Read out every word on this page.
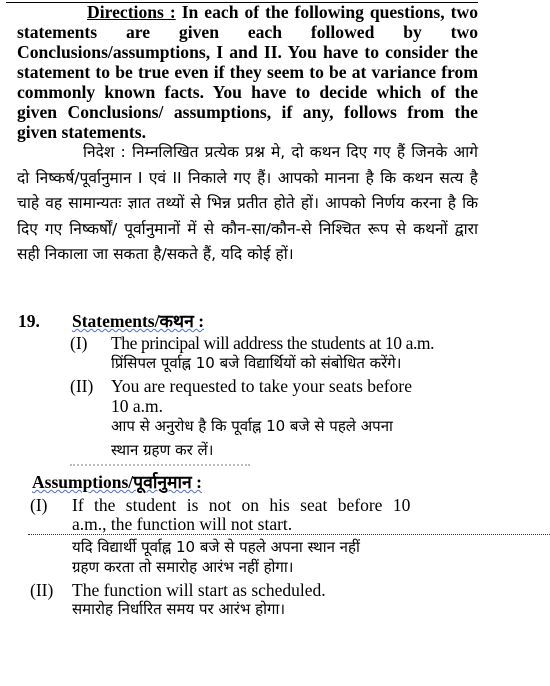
Directions : In each of the following questions, two statements are given each followed by two Conclusions/assumptions, I and II. You have to consider the statement to be true even if they seem to be at variance from commonly known facts. You have to decide which of the given Conclusions/ assumptions, if any, follows from the given statements.

निदेश : निम्नलिखित प्रत्येक प्रश्न मे, दो कथन दिए गए हैं जिनके आगे दो निष्कर्ष/पूर्वानुमान I एवं II निकाले गए हैं। आपको मानना है कि कथन सत्य है चाहे वह सामान्यतः ज्ञात तथ्यों से भिन्न प्रतीत होते हों। आपको निर्णय करना है कि दिए गए निष्कर्षों/ पूर्वानुमानों में से कौन-सा/कौन-से निश्चित रूप से कथनों द्वारा सही निकाला जा सकता है/सकते हैं, यदि कोई हों।

19. Statements/कथन :
(I) The principal will address the students at 10 a.m.
प्रिंसिपल पूर्वाह्न 10 बजे विद्यार्थियों को संबोधित करेंगे।
(II) You are requested to take your seats before
10 a.m.
आप से अनुरोध है कि पूर्वाह्न 10 बजे से पहले अपना
स्थान ग्रहण कर लें।
Assumptions/पूर्वानुमान :
(I) If the student is not on his seat before 10
a.m., the function will not start.
यदि विद्यार्थी पूर्वाह्न 10 बजे से पहले अपना स्थान नहीं
ग्रहण करता तो समारोह आरंभ नहीं होगा।
(II) The function will start as scheduled.
समारोह निर्धारित समय पर आरंभ होगा।
